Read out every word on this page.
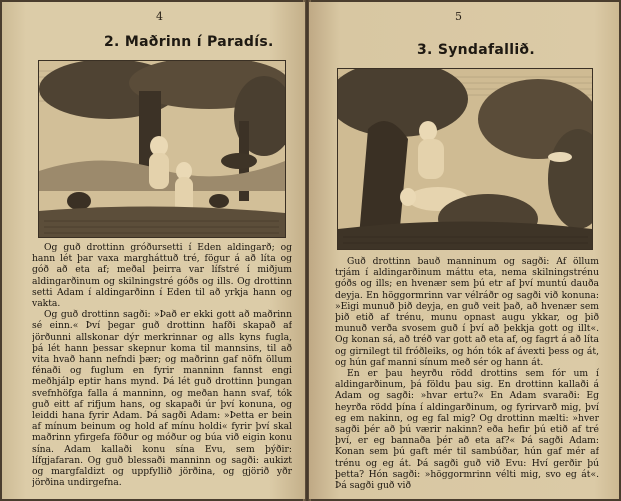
4
2. Maðrinn í Paradís.

Og guð drottinn gróðursetti í Eden aldingarð; og hann lét þar vaxa margháttuð tré, fögur á að líta og góð að eta af; meðal þeirra var lífstré í miðjum aldingarðinum og skilningstré góðs og ills. Og drottinn setti Adam í aldingarðinn í Eden til að yrkja hann og vakta.

Og guð drottinn sagði: »Það er ekki gott að maðrinn sé einn.« Því þegar guð drottinn hafði skapað af jörðunni allskonar dýr merkrinnar og alls kyns fugla, þá lét hann þessar skepnur koma til mannsins, til að vita hvað hann nefndi þær; og maðrinn gaf nöfn öllum fénaði og fuglum en fyrir manninn fannst engi meðhjálp eptir hans mynd. Þá lét guð drottinn þungan svefnhöfga falla á manninn, og meðan hann svaf, tók guð eitt af rifjum hans, og skapaði úr því konuna, og leiddi hana fyrir Adam. Þá sagði Adam: »Þetta er bein af mínum beinum og hold af mínu holdi« fyrir því skal maðrinn yfirgefa föður og móður og búa við eigin konu sína. Adam kallaði konu sína Evu, sem þýðir: lífgjafaran. Og guð blessaði manninn og sagði: aukizt og margfaldizt og uppfyllið jörðina, og gjörið yðr jörðina undirgefna.

5
3. Syndafallið.

Guð drottinn bauð manninum og sagði: Af öllum trjám í aldingarðinum máttu eta, nema skilningstrénu góðs og ills; en hvenær sem þú etr af því muntú dauða deyja. En höggormrinn var vélráðr og sagði við konuna: »Eigi munuð þið deyja, en guð veit það, að hvenær sem þið etið af trénu, munu opnast augu ykkar, og þið munuð verða svosem guð í því að þekkja gott og illt«. Og konan sá, að tréð var gott að eta af, og fagrt á að líta og girnilegt til fróðleiks, og hón tók af ávexti þess og át, og hún gaf manni sínum með sér og hann át.

En er þau heyrðu rödd drottins sem fór um í aldingarðinum, þá földu þau sig. En drottinn kallaði á Adam og sagði: »hvar ertu?« En Adam svaraði: Eg heyrða rödd þína í aldingarðinum, og fyrirvarð mig, því eg em nakinn, og eg fal mig? Og drottinn mælti: »hver sagði þér að þú værir nakinn? eða hefir þú etið af tré því, er eg bannaða þér að eta af?« Þá sagði Adam: Konan sem þú gaft mér til sambúðar, hún gaf mér af trénu og eg át. Þá sagði guð við Evu: Hví gerðir þú þetta? Hón sagði: »höggormrinn vélti mig, svo eg át«. Þá sagði guð við
